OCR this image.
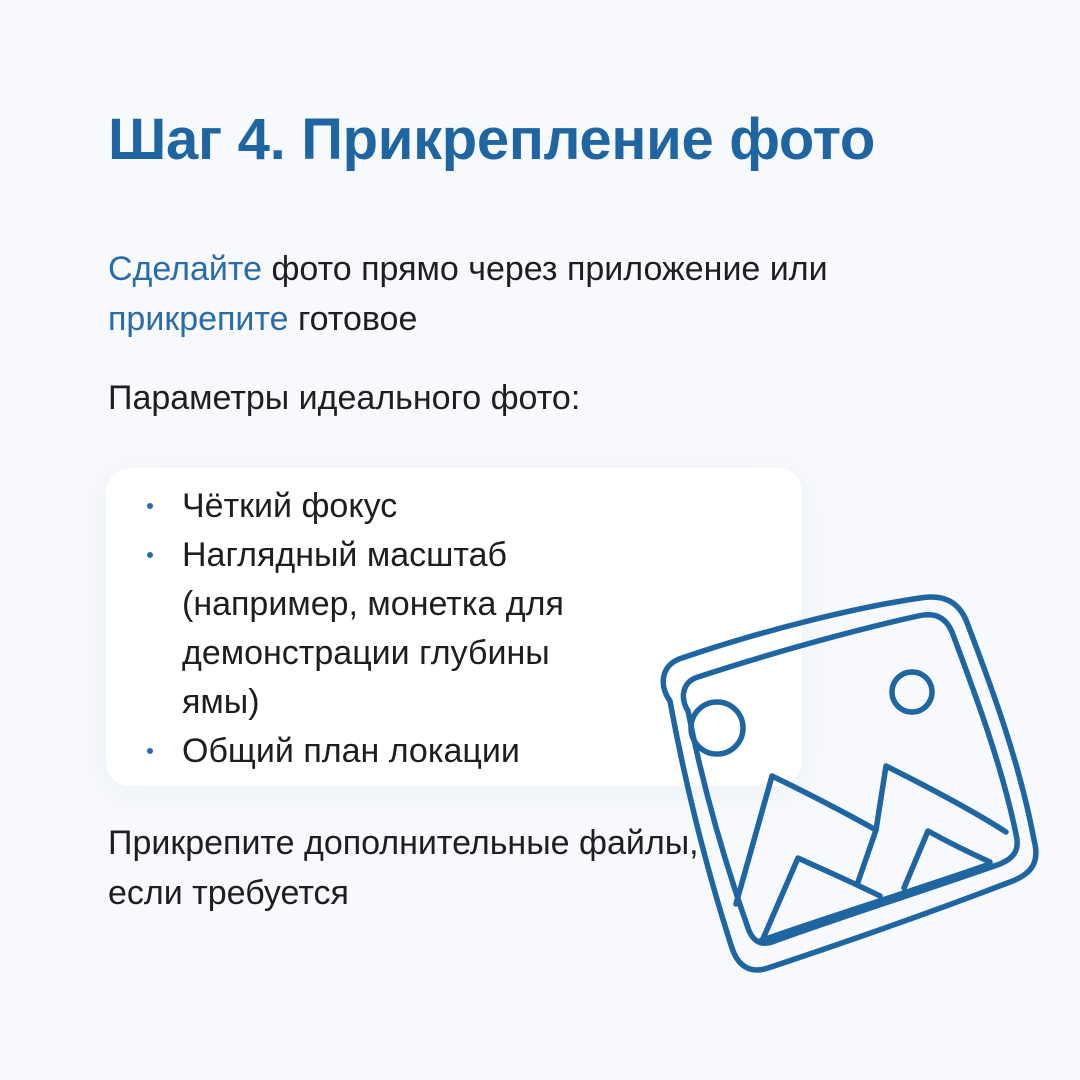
Шаг 4. Прикрепление фото

Сделайте фото прямо через приложение или прикрепите готовое

Параметры идеального фото:

Чёткий фокус
Наглядный масштаб (например, монетка для демонстрации глубины ямы)
Общий план локации

Прикрепите дополнительные файлы, если требуется
